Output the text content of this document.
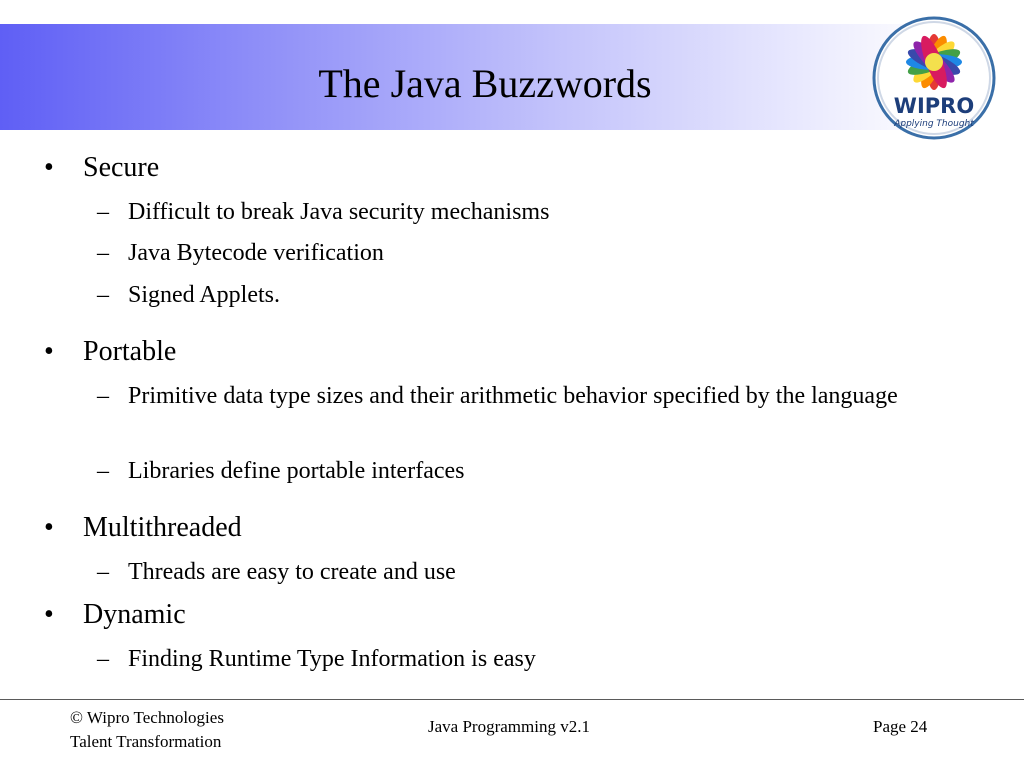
The Java Buzzwords	WIPRO
Applying Thought
•	Secure
– Difficult to break Java security mechanisms
– Java Bytecode verification
– Signed Applets.
•	Portable
– Primitive data type sizes and their arithmetic behavior specified by the language
– Libraries define portable interfaces
•	Multithreaded
– Threads are easy to create and use
•	Dynamic
– Finding Runtime Type Information is easy
© Wipro Technologies
Talent Transformation
Java Programming v2.1	Page 24
